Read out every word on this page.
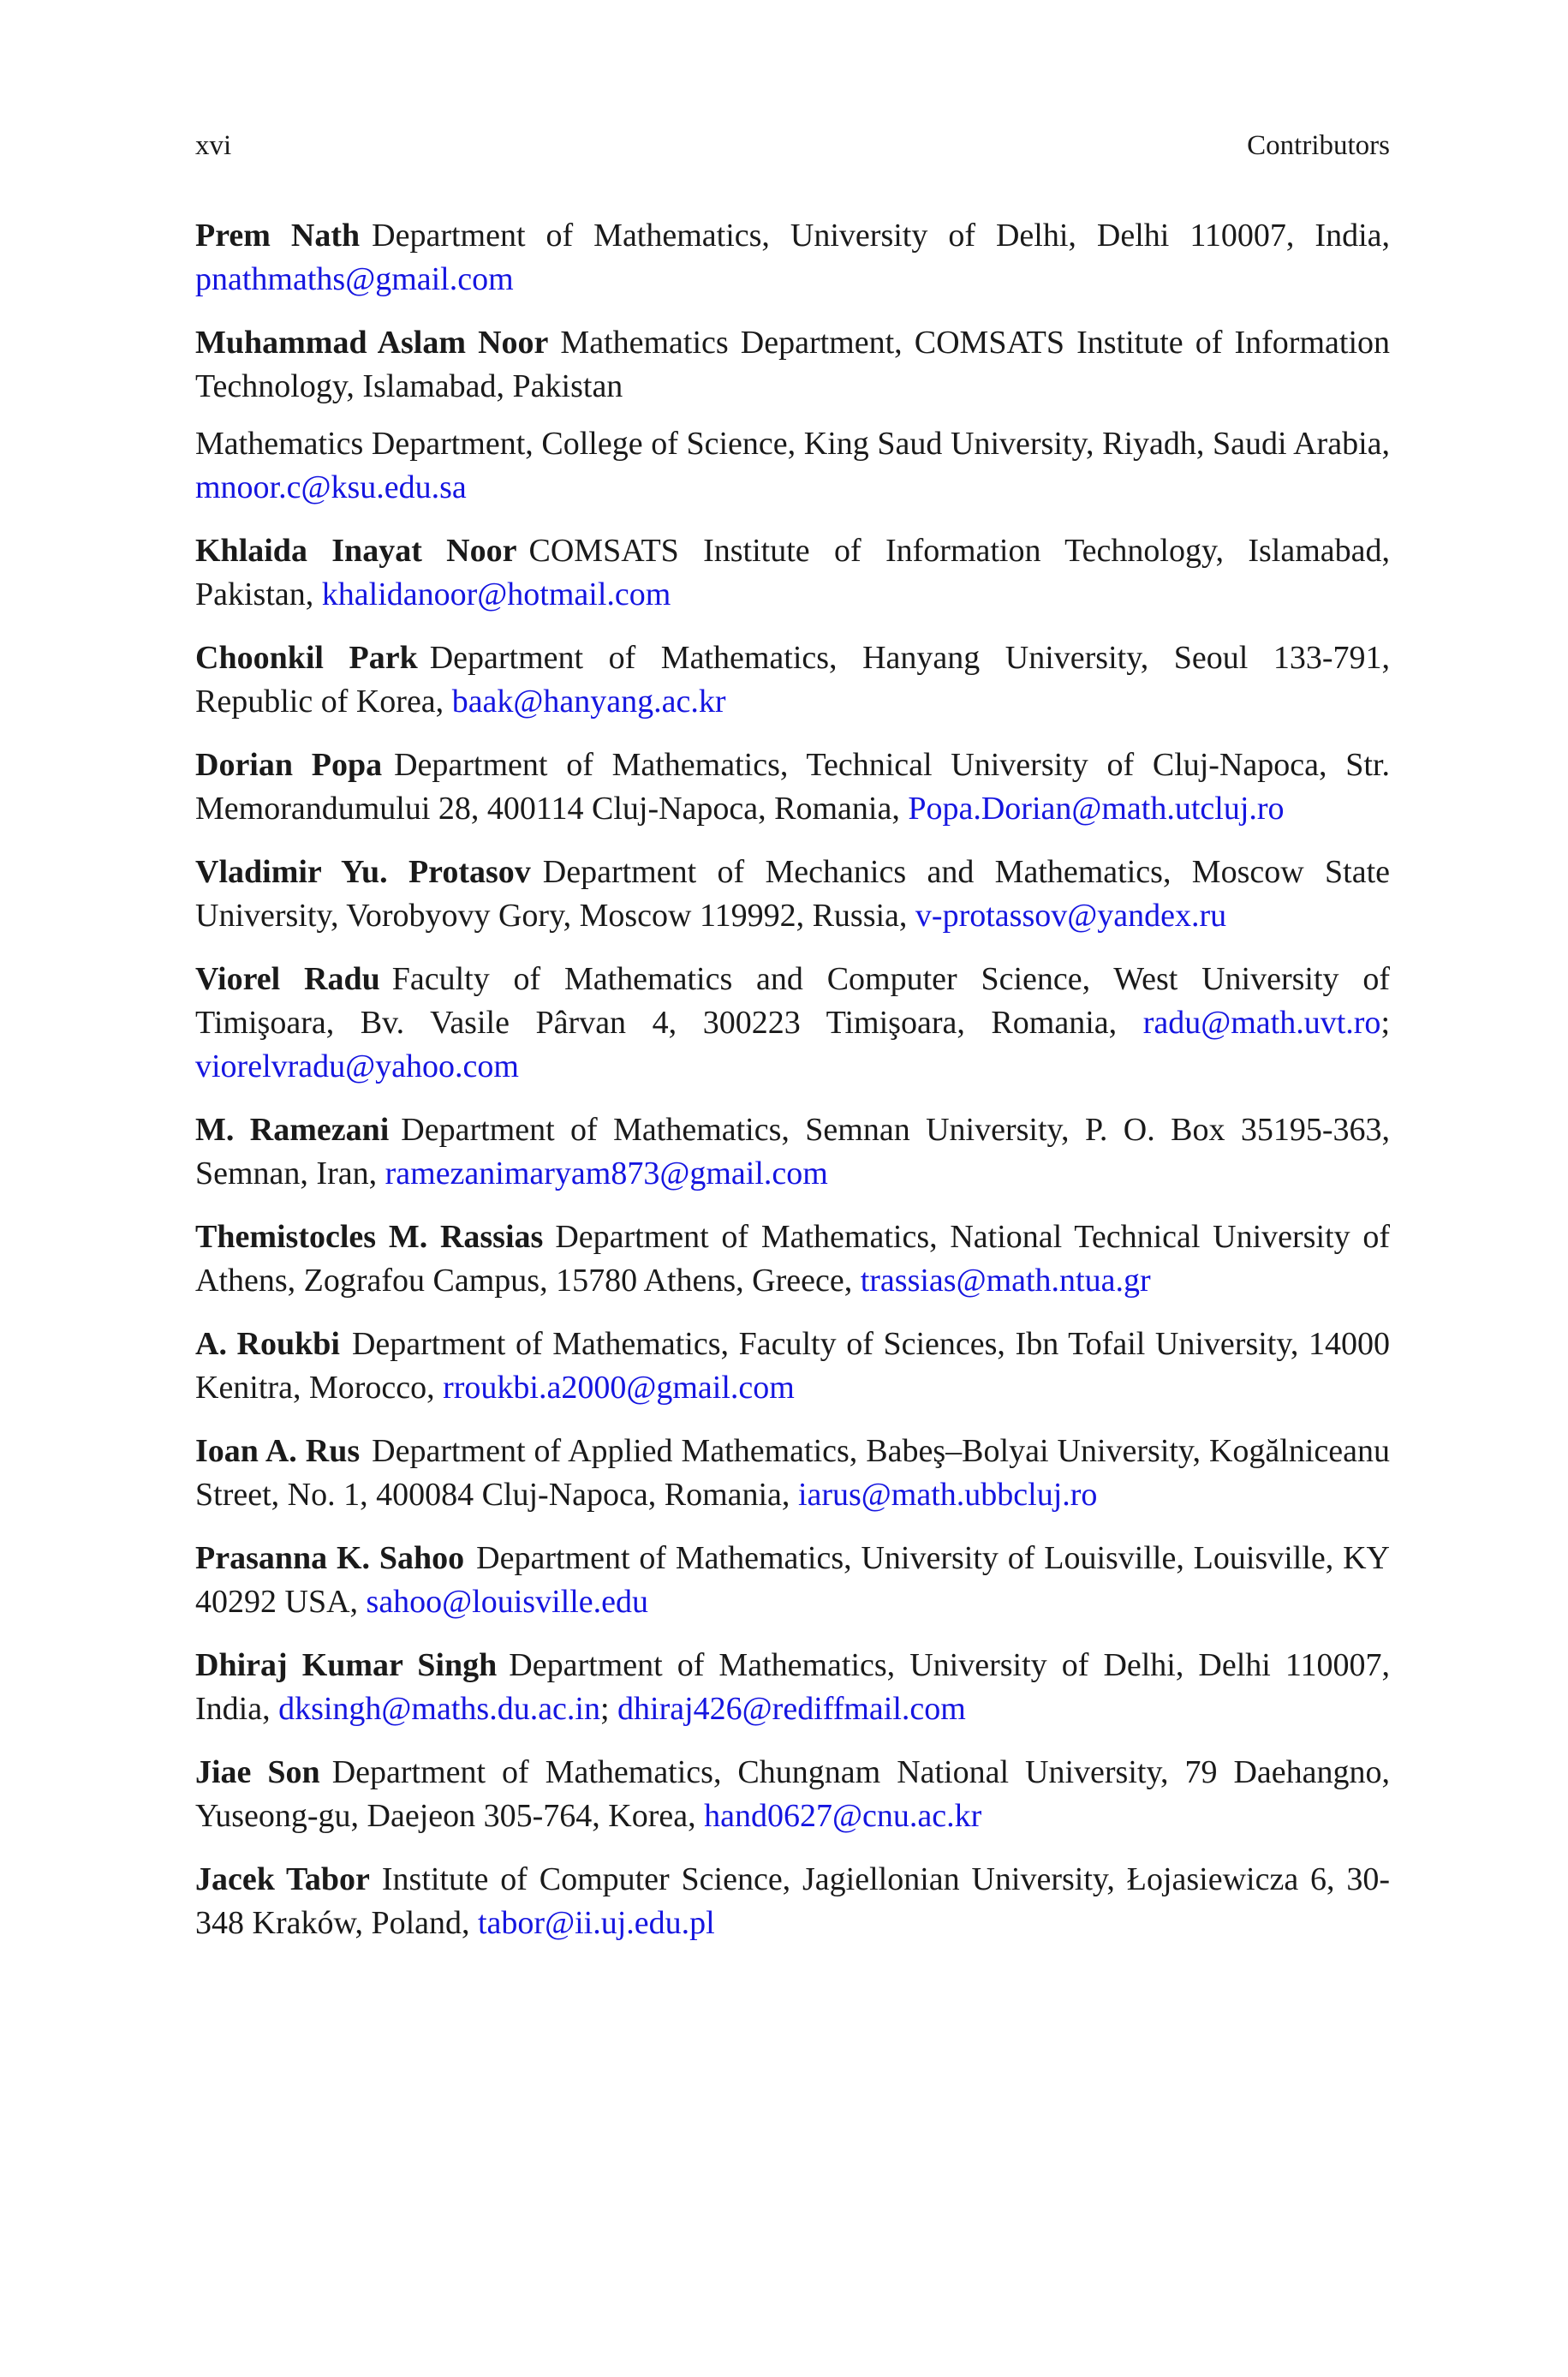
xvi	Contributors

Prem Nath Department of Mathematics, University of Delhi, Delhi 110007, India, pnathmaths@gmail.com

Muhammad Aslam Noor Mathematics Department, COMSATS Institute of Information Technology, Islamabad, Pakistan

Mathematics Department, College of Science, King Saud University, Riyadh, Saudi Arabia, mnoor.c@ksu.edu.sa

Khlaida Inayat Noor COMSATS Institute of Information Technology, Islamabad, Pakistan, khalidanoor@hotmail.com

Choonkil Park Department of Mathematics, Hanyang University, Seoul 133-791, Republic of Korea, baak@hanyang.ac.kr

Dorian Popa Department of Mathematics, Technical University of Cluj-Napoca, Str. Memorandumului 28, 400114 Cluj-Napoca, Romania, Popa.Dorian@math.utcluj.ro

Vladimir Yu. Protasov Department of Mechanics and Mathematics, Moscow State University, Vorobyovy Gory, Moscow 119992, Russia, v-protassov@yandex.ru

Viorel Radu Faculty of Mathematics and Computer Science, West University of Timişoara, Bv. Vasile Pârvan 4, 300223 Timişoara, Romania, radu@math.uvt.ro; viorelvradu@yahoo.com

M. Ramezani Department of Mathematics, Semnan University, P. O. Box 35195-363, Semnan, Iran, ramezanimaryam873@gmail.com

Themistocles M. Rassias Department of Mathematics, National Technical University of Athens, Zografou Campus, 15780 Athens, Greece, trassias@math.ntua.gr

A. Roukbi Department of Mathematics, Faculty of Sciences, Ibn Tofail University, 14000 Kenitra, Morocco, rroukbi.a2000@gmail.com

Ioan A. Rus Department of Applied Mathematics, Babeş–Bolyai University, Kogălniceanu Street, No. 1, 400084 Cluj-Napoca, Romania, iarus@math.ubbcluj.ro

Prasanna K. Sahoo Department of Mathematics, University of Louisville, Louisville, KY 40292 USA, sahoo@louisville.edu

Dhiraj Kumar Singh Department of Mathematics, University of Delhi, Delhi 110007, India, dksingh@maths.du.ac.in; dhiraj426@rediffmail.com

Jiae Son Department of Mathematics, Chungnam National University, 79 Daehangno, Yuseong-gu, Daejeon 305-764, Korea, hand0627@cnu.ac.kr

Jacek Tabor Institute of Computer Science, Jagiellonian University, Łojasiewicza 6, 30-348 Kraków, Poland, tabor@ii.uj.edu.pl
